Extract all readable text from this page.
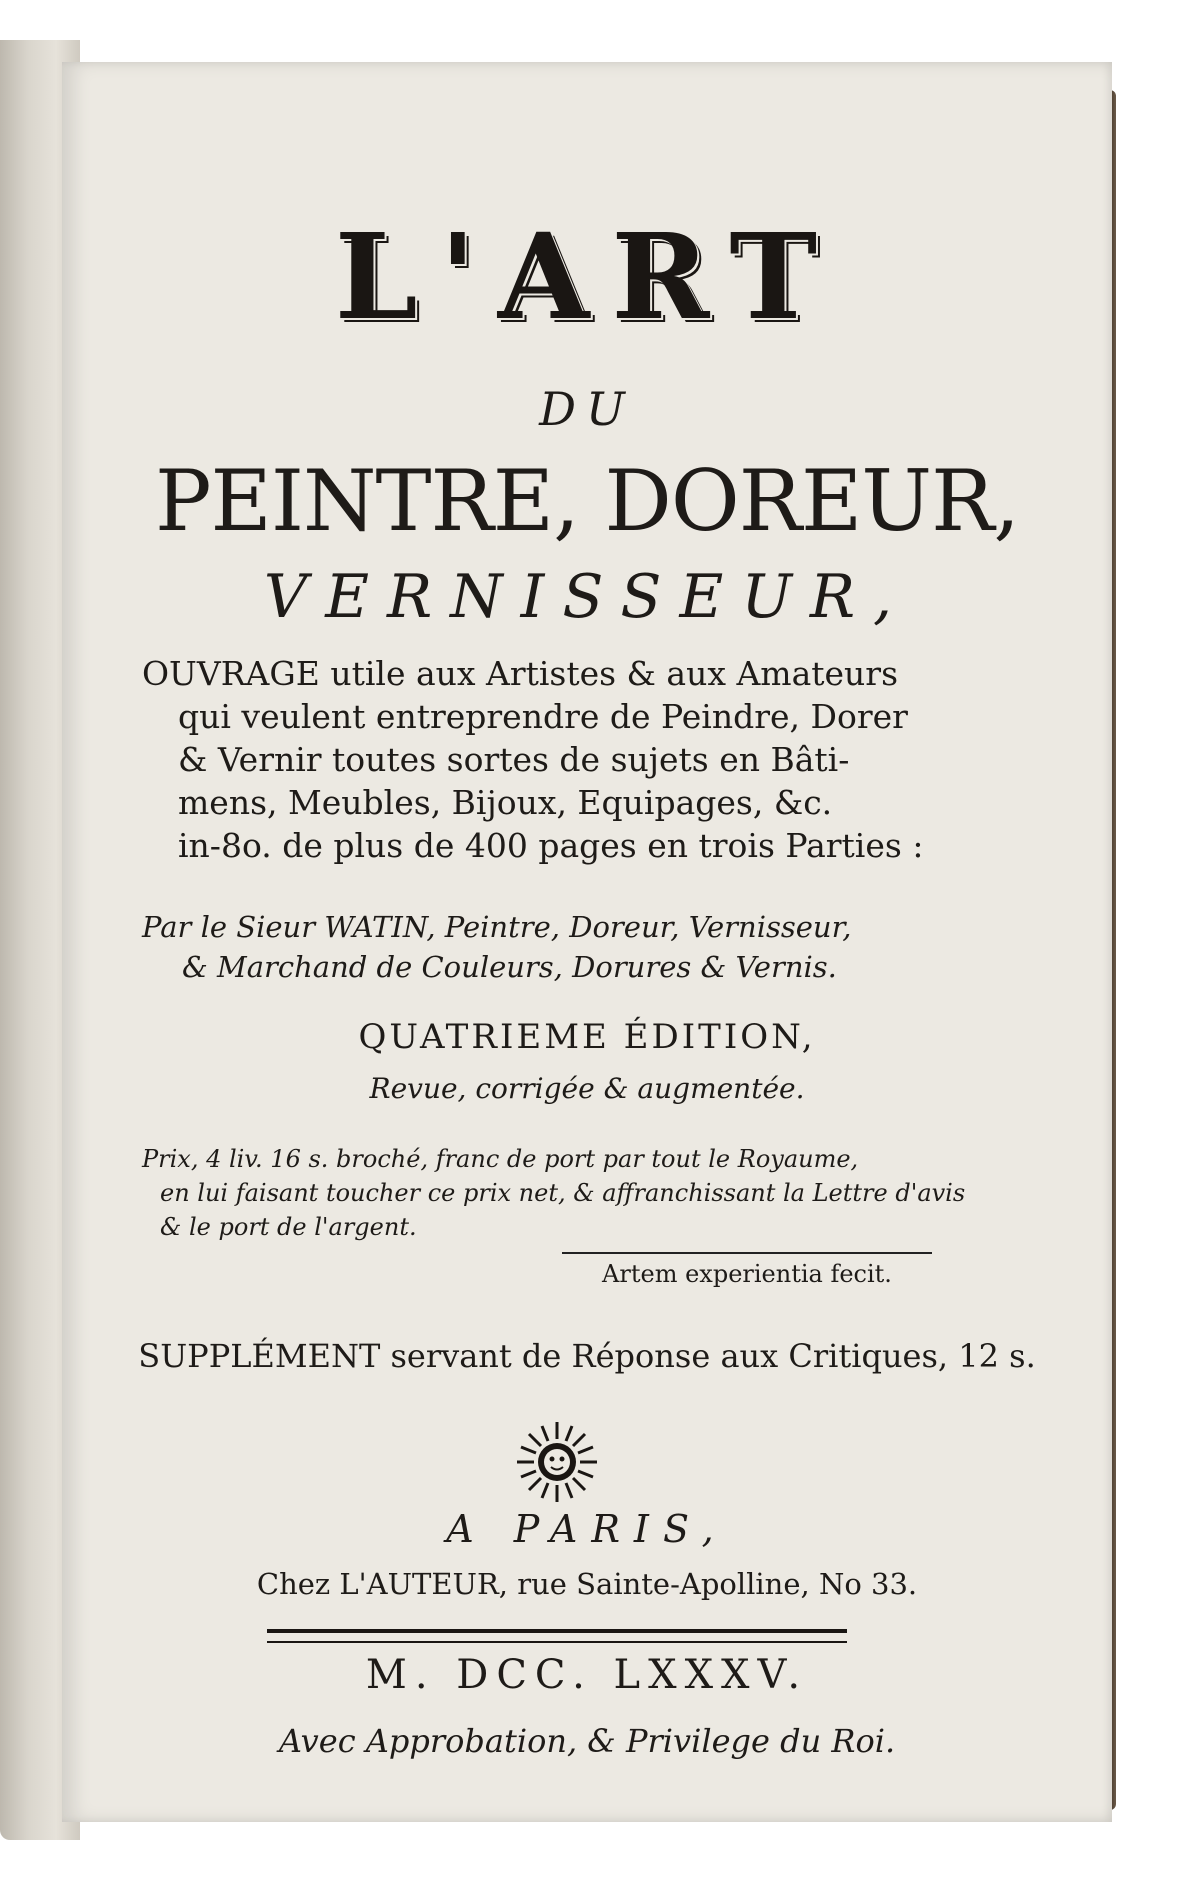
L'ART
DU
PEINTRE, DOREUR,
VERNISSEUR,
OUVRAGE utile aux Artistes & aux Amateurs
qui veulent entreprendre de Peindre, Dorer
& Vernir toutes sortes de sujets en Bâti-
mens, Meubles, Bijoux, Equipages, &c.
in-8o. de plus de 400 pages en trois Parties :
Par le Sieur WATIN, Peintre, Doreur, Vernisseur,
& Marchand de Couleurs, Dorures & Vernis.
QUATRIEME ÉDITION,
Revue, corrigée & augmentée.
Prix, 4 liv. 16 s. broché, franc de port par tout le Royaume,
en lui faisant toucher ce prix net, & affranchissant la Lettre d'avis
& le port de l'argent.
Artem experientia fecit.
SUPPLÉMENT servant de Réponse aux Critiques, 12 s.
A PARIS,
Chez L'AUTEUR, rue Sainte-Apolline, No 33.
M. DCC. LXXXV.
Avec Approbation, & Privilege du Roi.
